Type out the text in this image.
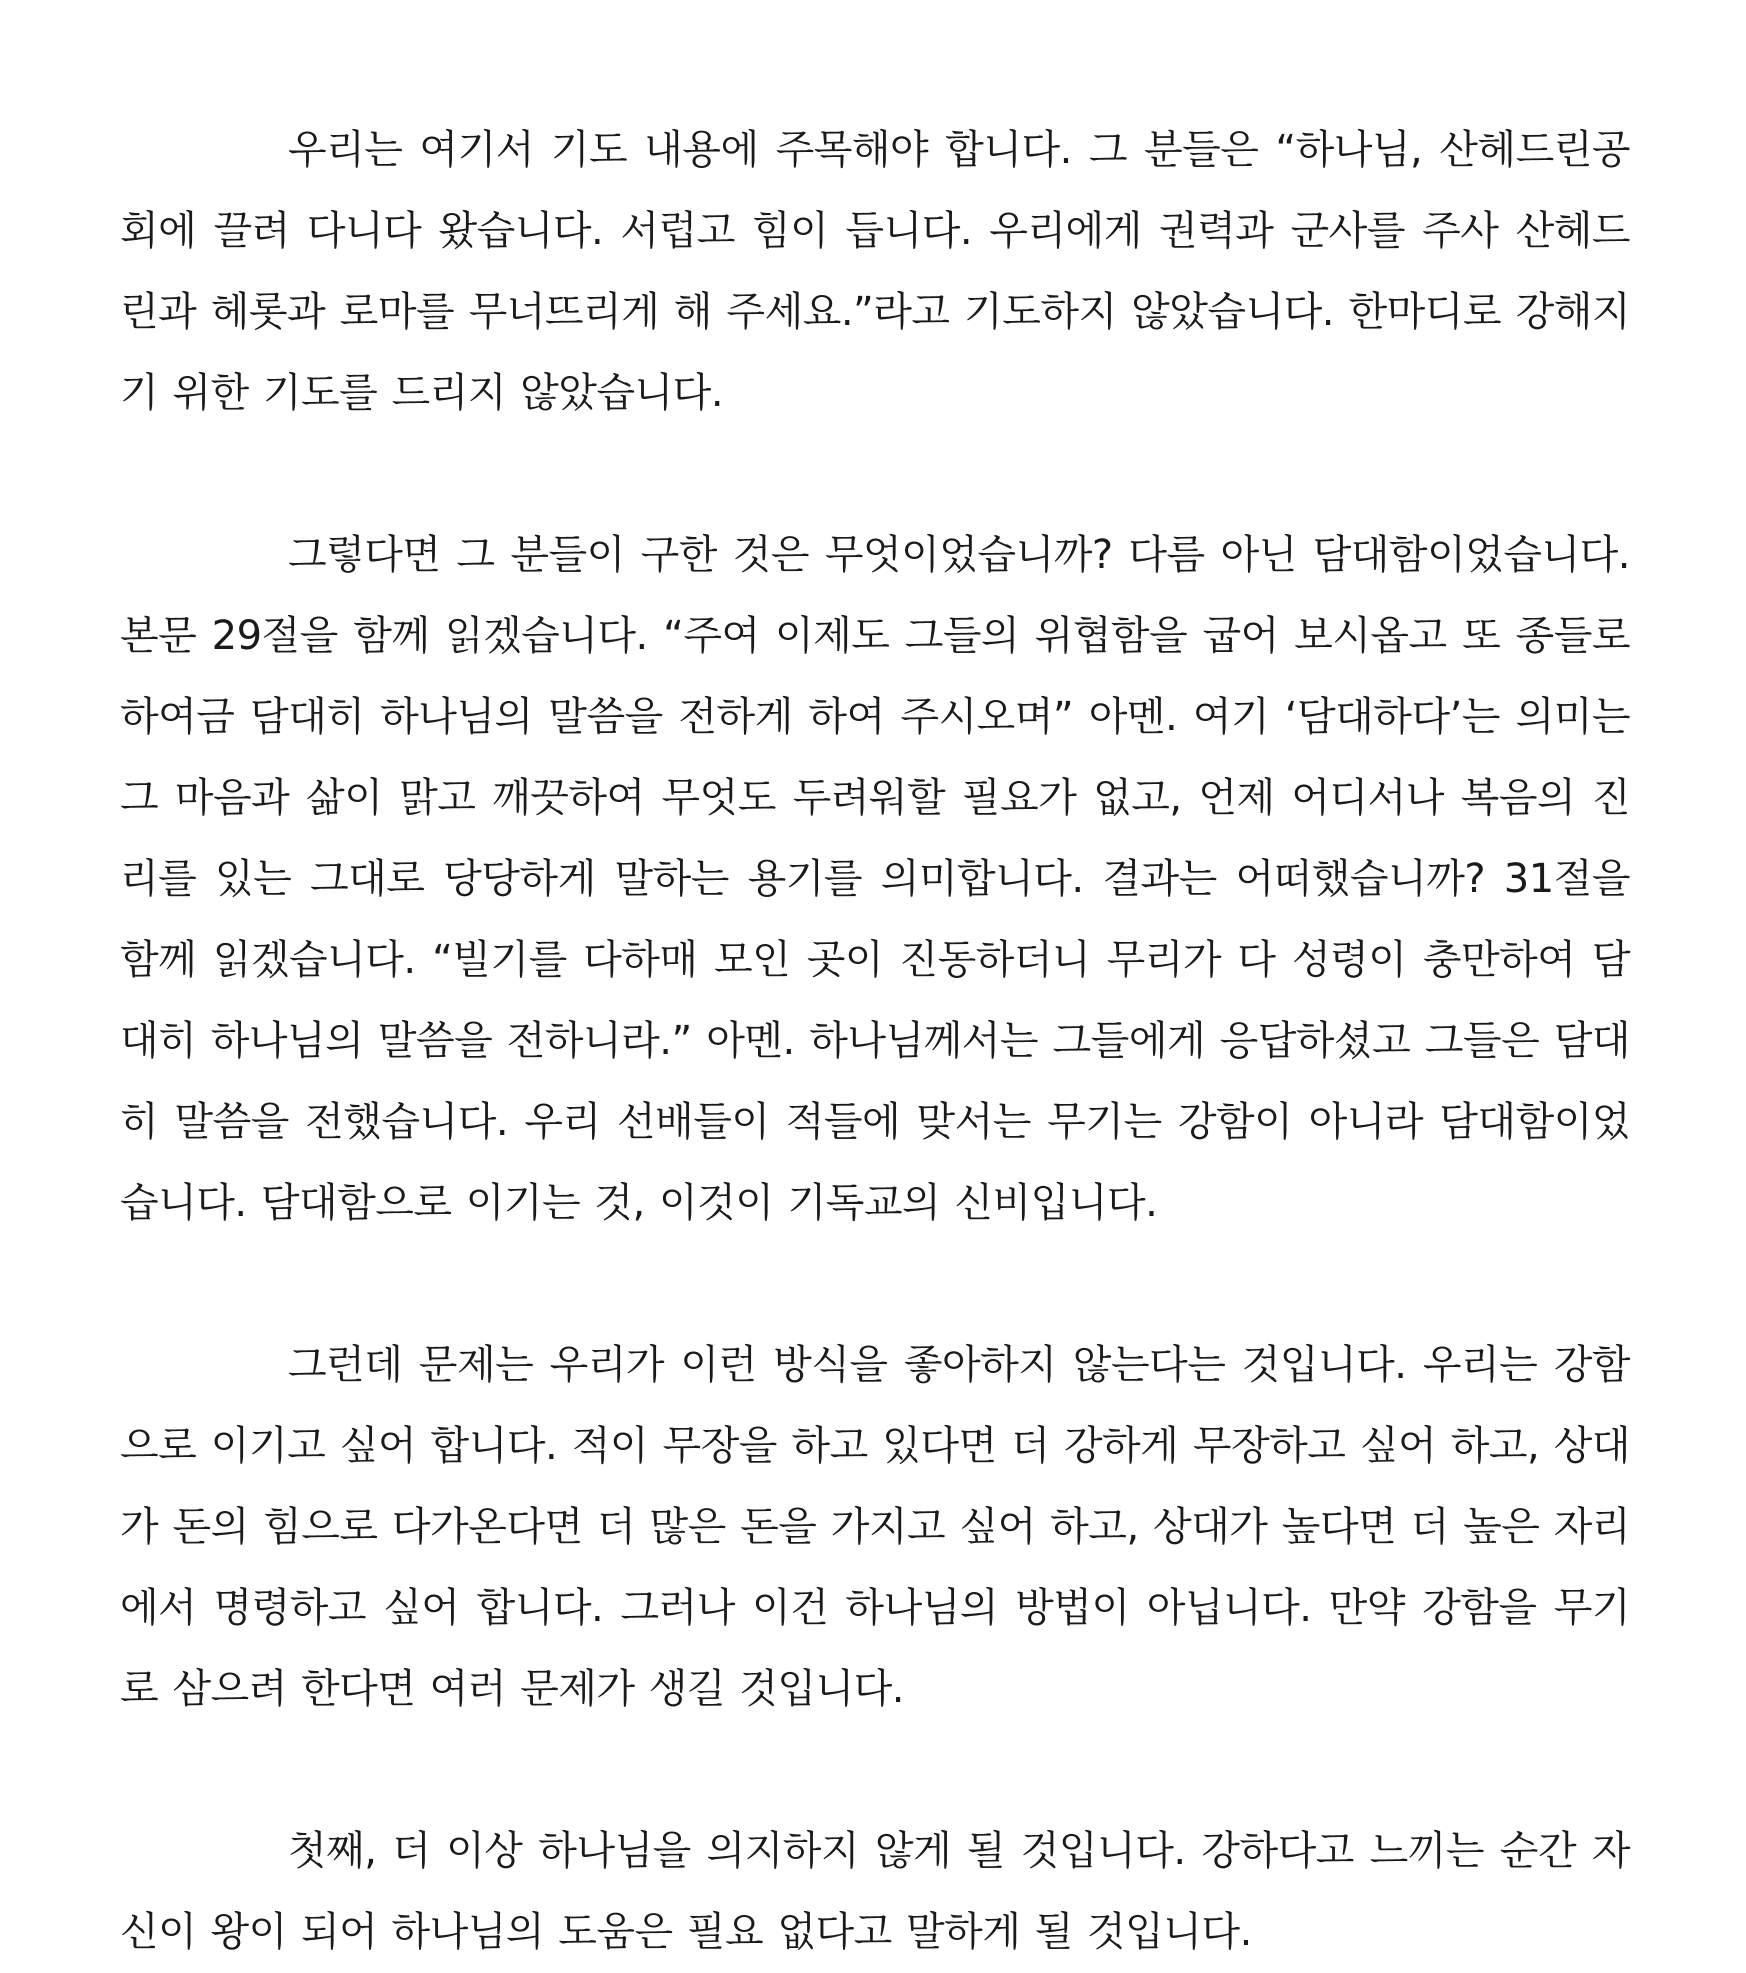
우리는 여기서 기도 내용에 주목해야 합니다. 그 분들은 “하나님, 산헤드린공회에 끌려 다니다 왔습니다. 서럽고 힘이 듭니다. 우리에게 권력과 군사를 주사 산헤드린과 헤롯과 로마를 무너뜨리게 해 주세요.”라고 기도하지 않았습니다. 한마디로 강해지기 위한 기도를 드리지 않았습니다.

그렇다면 그 분들이 구한 것은 무엇이었습니까? 다름 아닌 담대함이었습니다. 본문 29절을 함께 읽겠습니다. “주여 이제도 그들의 위협함을 굽어 보시옵고 또 종들로 하여금 담대히 하나님의 말씀을 전하게 하여 주시오며” 아멘. 여기 ‘담대하다’는 의미는 그 마음과 삶이 맑고 깨끗하여 무엇도 두려워할 필요가 없고, 언제 어디서나 복음의 진리를 있는 그대로 당당하게 말하는 용기를 의미합니다. 결과는 어떠했습니까? 31절을 함께 읽겠습니다. “빌기를 다하매 모인 곳이 진동하더니 무리가 다 성령이 충만하여 담대히 하나님의 말씀을 전하니라.” 아멘. 하나님께서는 그들에게 응답하셨고 그들은 담대히 말씀을 전했습니다. 우리 선배들이 적들에 맞서는 무기는 강함이 아니라 담대함이었습니다. 담대함으로 이기는 것, 이것이 기독교의 신비입니다.

그런데 문제는 우리가 이런 방식을 좋아하지 않는다는 것입니다. 우리는 강함으로 이기고 싶어 합니다. 적이 무장을 하고 있다면 더 강하게 무장하고 싶어 하고, 상대가 돈의 힘으로 다가온다면 더 많은 돈을 가지고 싶어 하고, 상대가 높다면 더 높은 자리에서 명령하고 싶어 합니다. 그러나 이건 하나님의 방법이 아닙니다. 만약 강함을 무기로 삼으려 한다면 여러 문제가 생길 것입니다.

첫째, 더 이상 하나님을 의지하지 않게 될 것입니다. 강하다고 느끼는 순간 자신이 왕이 되어 하나님의 도움은 필요 없다고 말하게 될 것입니다.
